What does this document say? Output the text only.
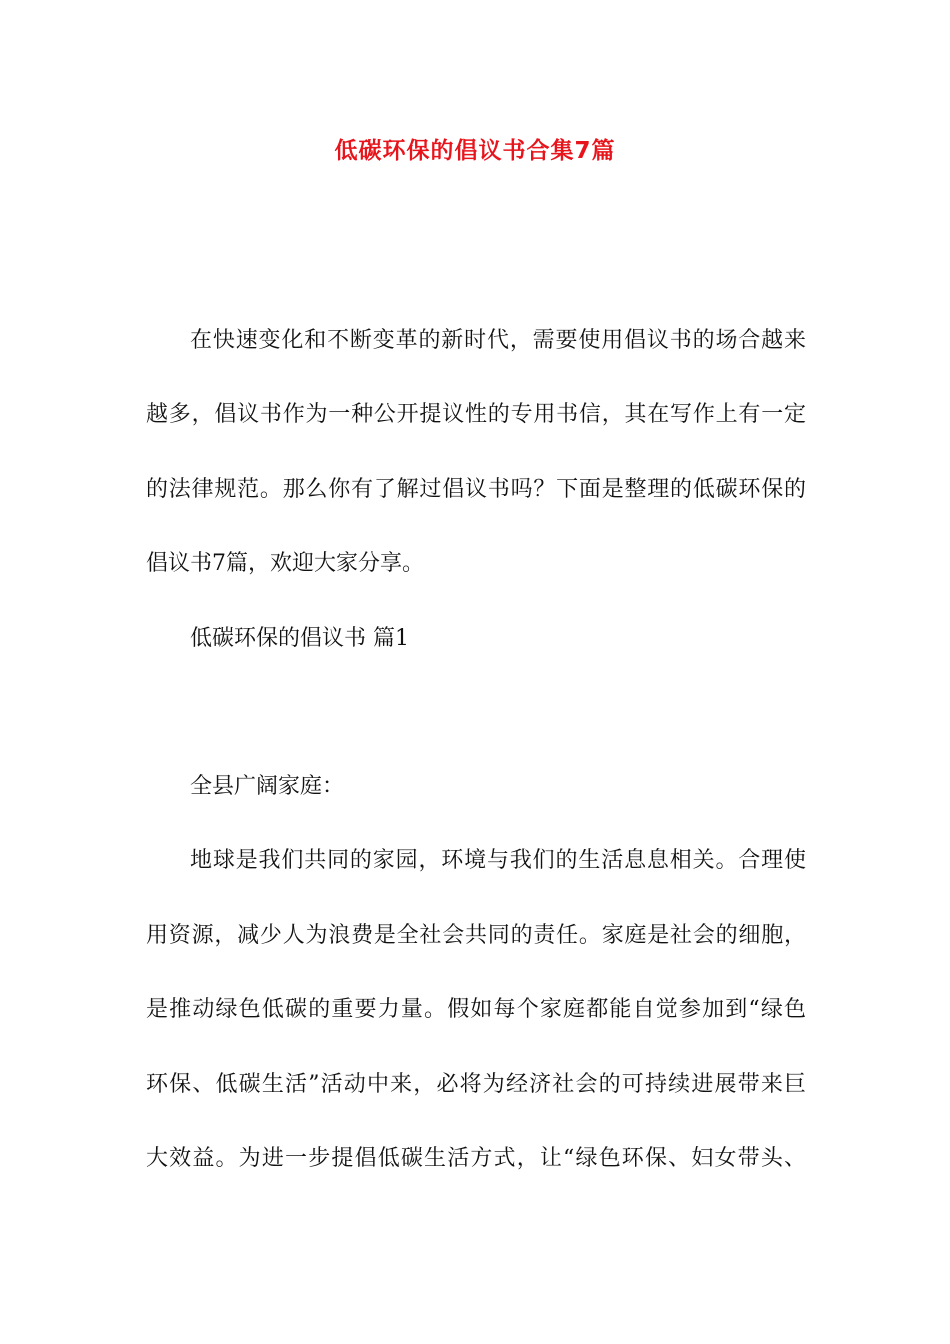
低碳环保的倡议书合集7篇
在快速变化和不断变革的新时代，需要使用倡议书的场合越来
越多，倡议书作为一种公开提议性的专用书信，其在写作上有一定
的法律规范。那么你有了解过倡议书吗？下面是整理的低碳环保的
倡议书7篇，欢迎大家分享。
低碳环保的倡议书 篇1
全县广阔家庭：
地球是我们共同的家园，环境与我们的生活息息相关。合理使
用资源，减少人为浪费是全社会共同的责任。家庭是社会的细胞，
是推动绿色低碳的重要力量。假如每个家庭都能自觉参加到“绿色
环保、低碳生活”活动中来，必将为经济社会的可持续进展带来巨
大效益。为进一步提倡低碳生活方式，让“绿色环保、妇女带头、
